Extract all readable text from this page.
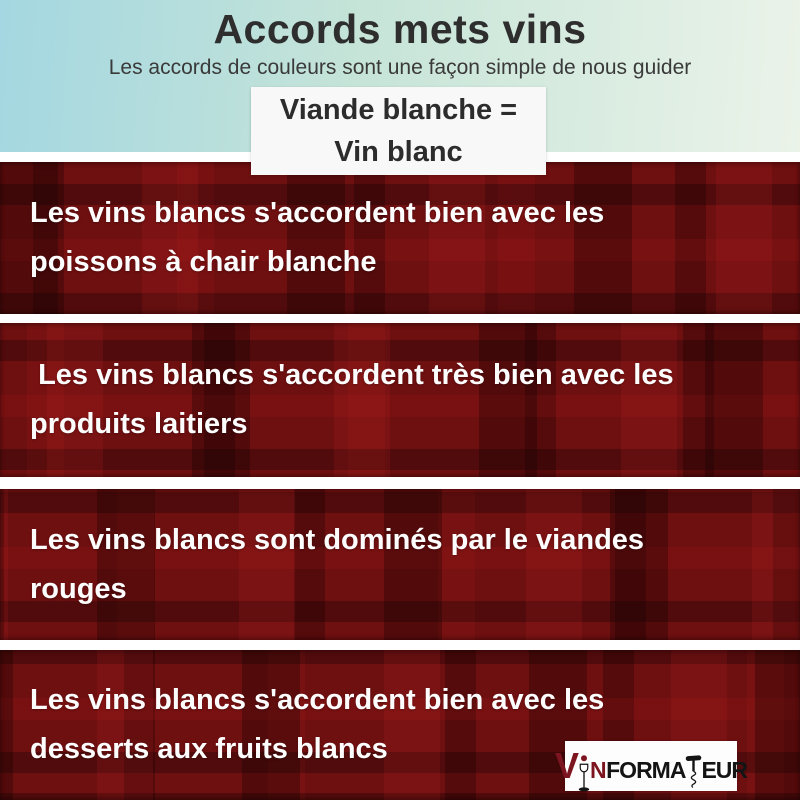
Accords mets vins
Les accords de couleurs sont une façon simple de nous guider
Viande blanche =
Vin blanc
Les vins blancs s'accordent bien avec les
poissons à chair blanche
Les vins blancs s'accordent très bien avec les
produits laitiers
Les vins blancs sont dominés par le viandes
rouges
Les vins blancs s'accordent bien avec les
desserts aux fruits blancs	V N FORMA EUR
